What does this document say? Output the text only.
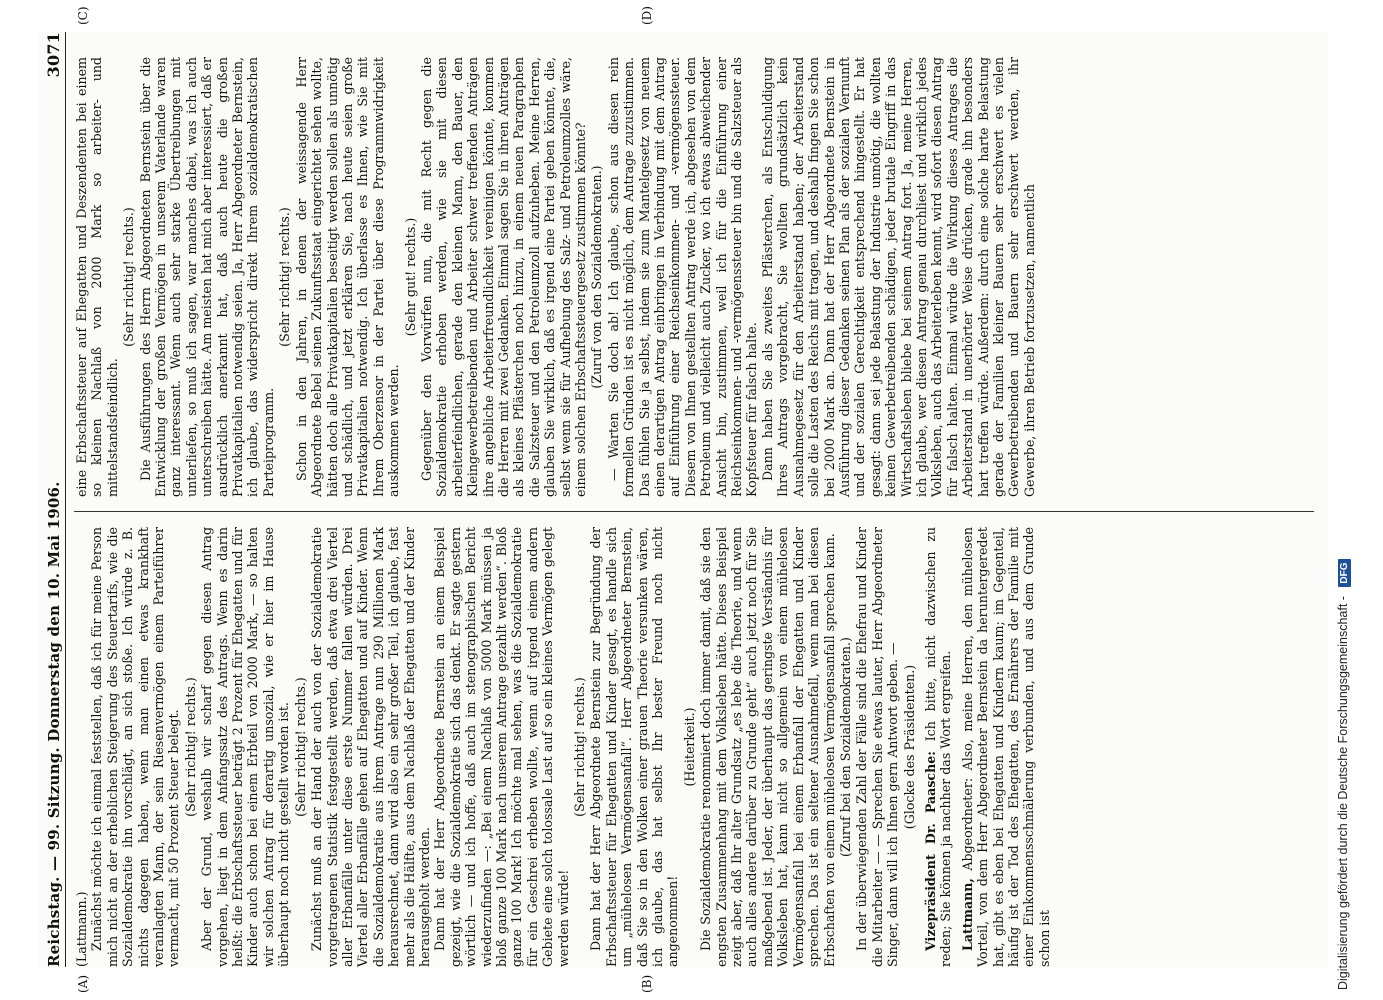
Reichstag. — 99. Sitzung. Donnerstag den 10. Mai 1906.
3071
(A)	(B)
(C)	(D)

(Lattmann.) Zunächst möchte ich einmal feststellen, daß ich für meine Person mich nicht an der erheblichen Steigerung des Steuertarifs, wie die Sozialdemokratie ihn vorschlägt, an sich stoße. Ich würde z. B. nichts dagegen haben, wenn man einen etwas krankhaft veranlagten Mann, der sein Riesenvermögen einem Parteiführer vermacht, mit 50 Prozent Steuer belegt. (Sehr richtig! rechts.) Aber der Grund, weshalb wir scharf gegen diesen Antrag vorgehen, liegt in dem Anfangssatz des Antrags. Wenn es darin heißt: die Erbschaftssteuer beträgt 2 Prozent für Ehegatten und für Kinder auch schon bei einem Erbteil von 2000 Mark, — so halten wir solchen Antrag für derartig unsozial, wie er hier im Hause überhaupt noch nicht gestellt worden ist. (Sehr richtig! rechts.) Zunächst muß an der Hand der auch von der Sozialdemokratie vorgetragenen Statistik festgestellt werden, daß etwa drei Viertel aller Erbanfälle unter diese erste Nummer fallen würden. Drei Viertel aller Erbanfälle gehen auf Ehegatten und auf Kinder. Wenn die Sozialdemokratie aus ihrem Antrage nun 290 Millionen Mark herausrechnet, dann wird also ein sehr großer Teil, ich glaube, fast mehr als die Hälfte, aus dem Nachlaß der Ehegatten und der Kinder herausgeholt werden. Dann hat der Herr Abgeordnete Bernstein an einem Beispiel gezeigt, wie die Sozialdemokratie sich das denkt. Er sagte gestern wörtlich — und ich hoffe, daß auch im stenographischen Bericht wiederzufinden —: „Bei einem Nachlaß von 5000 Mark müssen ja bloß ganze 100 Mark nach unserem Antrage gezahlt werden“. Bloß ganze 100 Mark! Ich möchte mal sehen, was die Sozialdemokratie für ein Geschrei erheben wollte, wenn auf irgend einem andern Gebiete eine solch tolossale Last auf so ein kleines Vermögen gelegt werden würde!

(Sehr richtig! rechts.) Dann hat der Herr Abgeordnete Bernstein zur Begründung der Erbschaftssteuer für Ehegatten und Kinder gesagt, es handle sich um „mühelosen Vermögensanfall“. Herr Abgeordneter Bernstein, daß Sie so in den Wolken einer grauen Theorie versunken wären, ich glaube, das hat selbst Ihr bester Freund noch nicht angenommen!

(Heiterkeit.) Die Sozialdemokratie renommiert doch immer damit, daß sie den engsten Zusammenhang mit dem Volksleben hätte. Dieses Beispiel zeigt aber, daß Ihr alter Grundsatz „es lebe die Theorie, und wenn auch alles andere darüber zu Grunde geht“ auch jetzt noch für Sie maßgebend ist. Jeder, der überhaupt das geringste Verständnis für Volksleben hat, kann nicht so allgemein von einem mühelosen Vermögensanfall bei einem Erbanfall der Ehegatten und Kinder sprechen. Das ist ein seltener Ausnahmefall, wenn man bei diesen Erbschaften von einem mühelosen Vermögensanfall sprechen kann. (Zuruf bei den Sozialdemokraten.) In der überwiegenden Zahl der Fälle sind die Ehefrau und Kinder die Mitarbeiter — — Sprechen Sie etwas lauter, Herr Abgeordneter Singer, dann will ich Ihnen gern Antwort geben. — (Glocke des Präsidenten.)

Vizepräsident Dr. Paasche: Ich bitte, nicht dazwischen zu reden; Sie können ja nachher das Wort ergreifen. Lattmann, Abgeordneter: Also, meine Herren, den mühelosen Vorteil, von dem Herr Abgeordneter Bernstein da heruntergeredet hat, gibt es eben bei Ehegatten und Kindern kaum; im Gegenteil, häufig ist der Tod des Ehegatten, des Ernährers der Familie mit einer Einkommensschmälerung verbunden, und aus dem Grunde schon ist

eine Erbschaftssteuer auf Ehegatten und Deszendenten bei einem so kleinen Nachlaß von 2000 Mark so arbeiter- und mittelstandsfeindlich.

(Sehr richtig! rechts.) Die Ausführungen des Herrn Abgeordneten Bernstein über die Entwicklung der großen Vermögen in unserem Vaterlande waren ganz interessant. Wenn auch sehr starke Übertreibungen mit unterliefen, so muß ich sagen, war manches dabei, was ich auch unterschreiben hätte. Am meisten hat mich aber interessiert, daß er ausdrücklich anerkannt hat, daß auch heute die großen Privatkapitalien notwendig seien. Ja, Herr Abgeordneter Bernstein, ich glaube, das widerspricht direkt Ihrem sozialdemokratischen Parteiprogramm.

(Sehr richtig! rechts.) Schon in den Jahren, in denen der weissagende Herr Abgeordnete Bebel seinen Zukunftsstaat eingerichtet sehen wollte, hätten doch alle Privatkapitalien beseitigt werden sollen als unnötig und schädlich, und jetzt erklären Sie, nach heute seien große Privatkapitalien notwendig. Ich überlasse es Ihnen, wie Sie mit Ihrem Oberzensor in der Partei über diese Programmwidrigkeit auskommen werden.

(Sehr gut! rechts.) Gegenüber den Vorwürfen nun, die mit Recht gegen die Sozialdemokratie erhoben werden, wie sie mit diesen arbeiterfeindlichen, gerade den kleinen Mann, den Bauer, den Kleingewerbetreibenden und Arbeiter schwer treffenden Anträgen ihre angebliche Arbeiterfreundlichkeit vereinigen könnte, kommen die Herren mit zwei Gedanken. Einmal sagen Sie in ihren Anträgen als kleines Pflästerchen noch hinzu, in einem neuen Paragraphen die Salzsteuer und den Petroleumzoll aufzuheben. Meine Herren, glauben Sie wirklich, daß es irgend eine Partei geben könnte, die, selbst wenn sie für Aufhebung des Salz- und Petroleumzolles wäre, einem solchen Erbschaftssteuergesetz zustimmen könnte? (Zuruf von den Sozialdemokraten.) — Warten Sie doch ab! Ich glaube, schon aus diesen rein formellen Gründen ist es nicht möglich, dem Antrage zuzustimmen. Das fühlen Sie ja selbst, indem sie zum Mantelgesetz von neuem einen derartigen Antrag einbringen in Verbindung mit dem Antrag auf Einführung einer Reichseinkommen- und -vermögenssteuer. Diesem von Ihnen gestellten Antrag werde ich, abgesehen von dem Petroleum und vielleicht auch Zucker, wo ich etwas abweichender Ansicht bin, zustimmen, weil ich für die Einführung einer Reichseinkommen- und -vermögenssteuer bin und die Salzsteuer als Kopfsteuer für falsch halte. Dann haben Sie als zweites Pflästerchen, als Entschuldigung Ihres Antrags vorgebracht, Sie wollten grundsätzlich kein Ausnahmegesetz für den Arbeiterstand haben; der Arbeiterstand solle die Lasten des Reichs mit tragen, und deshalb fingen Sie schon bei 2000 Mark an. Dann hat der Herr Abgeordnete Bernstein in Ausführung dieser Gedanken seinen Plan als der sozialen Vernunft und der sozialen Gerechtigkeit entsprechend hingestellt. Er hat gesagt: dann sei jede Belastung der Industrie unnötig, die wollten keinen Gewerbetreibenden schädigen, jeder brutale Eingriff in das Wirtschaftsleben bliebe bei seinem Antrag fort. Ja, meine Herren, ich glaube, wer diesen Antrag genau durchliest und wirklich jedes Volksleben, auch das Arbeiterleben kennt, wird sofort diesen Antrag für falsch halten. Einmal würde die Wirkung dieses Antrages die Arbeiterstand in unerhörter Weise drücken, grade ihn besonders hart treffen würde. Außerdem: durch eine solche harte Belastung gerade der Familien kleiner Bauern sehr erschwert es vielen Gewerbetreibenden und Bauern sehr erschwert werden, ihr Gewerbe, ihren Betrieb fortzusetzen, namentlich

Digitalisierung gefördert durch die Deutsche Forschungsgemeinschaft - DFG
